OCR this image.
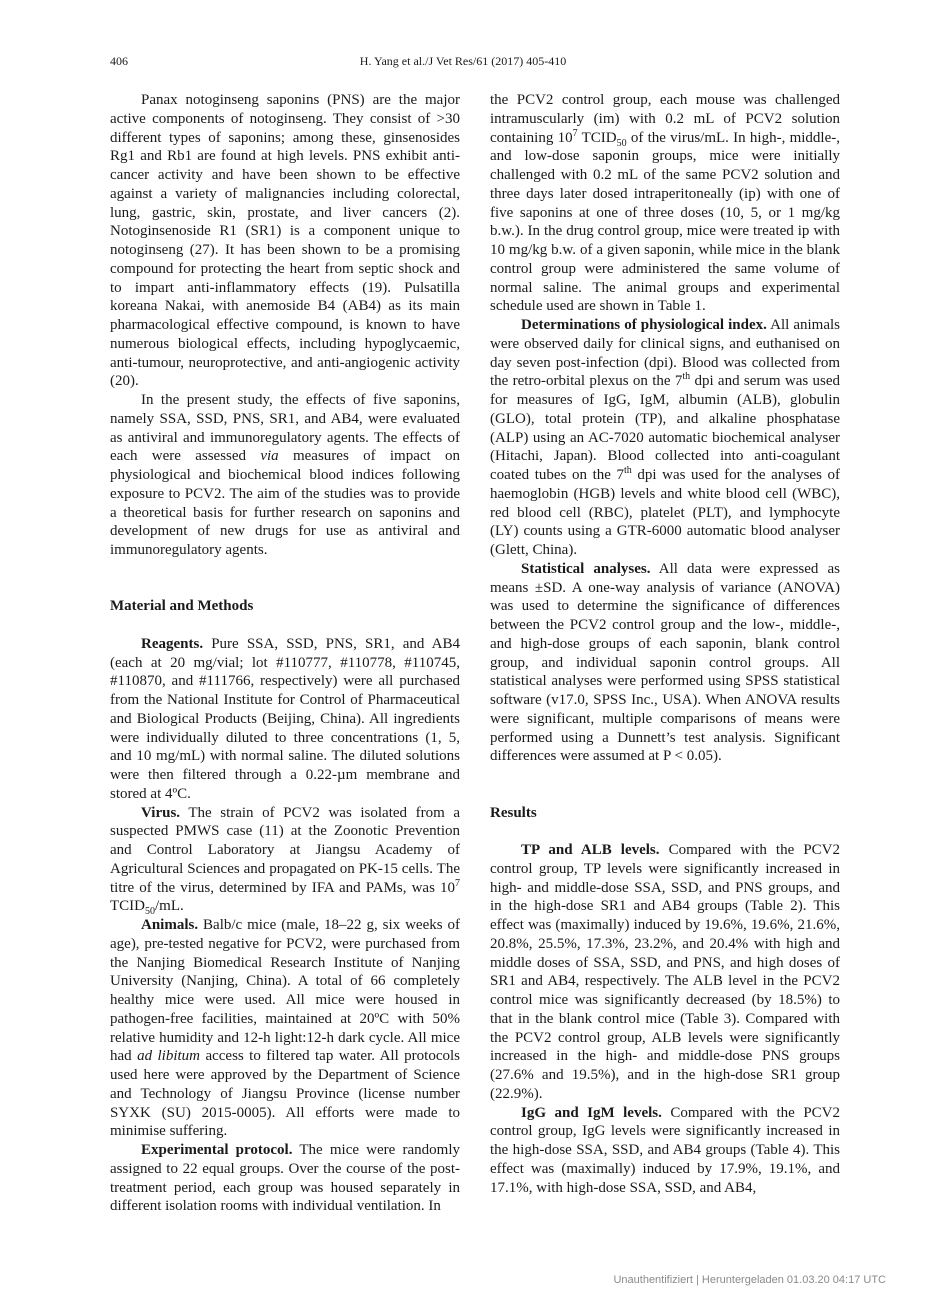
406	H. Yang et al./J Vet Res/61 (2017) 405-410

Panax notoginseng saponins (PNS) are the major active components of notoginseng. They consist of >30 different types of saponins; among these, ginsenosides Rg1 and Rb1 are found at high levels. PNS exhibit anti-cancer activity and have been shown to be effective against a variety of malignancies including colorectal, lung, gastric, skin, prostate, and liver cancers (2). Notoginsenoside R1 (SR1) is a component unique to notoginseng (27). It has been shown to be a promising compound for protecting the heart from septic shock and to impart anti-inflammatory effects (19). Pulsatilla koreana Nakai, with anemoside B4 (AB4) as its main pharmacological effective compound, is known to have numerous biological effects, including hypoglycaemic, anti-tumour, neuroprotective, and anti-angiogenic activity (20).

In the present study, the effects of five saponins, namely SSA, SSD, PNS, SR1, and AB4, were evaluated as antiviral and immunoregulatory agents. The effects of each were assessed via measures of impact on physiological and biochemical blood indices following exposure to PCV2. The aim of the studies was to provide a theoretical basis for further research on saponins and development of new drugs for use as antiviral and immunoregulatory agents.

Material and Methods

Reagents. Pure SSA, SSD, PNS, SR1, and AB4 (each at 20 mg/vial; lot #110777, #110778, #110745, #110870, and #111766, respectively) were all purchased from the National Institute for Control of Pharmaceutical and Biological Products (Beijing, China). All ingredients were individually diluted to three concentrations (1, 5, and 10 mg/mL) with normal saline. The diluted solutions were then filtered through a 0.22-µm membrane and stored at 4ºC.

Virus. The strain of PCV2 was isolated from a suspected PMWS case (11) at the Zoonotic Prevention and Control Laboratory at Jiangsu Academy of Agricultural Sciences and propagated on PK-15 cells. The titre of the virus, determined by IFA and PAMs, was $10^7$ $TCID_{50}/mL$.

Animals. Balb/c mice (male, 18–22 g, six weeks of age), pre-tested negative for PCV2, were purchased from the Nanjing Biomedical Research Institute of Nanjing University (Nanjing, China). A total of 66 completely healthy mice were used. All mice were housed in pathogen-free facilities, maintained at 20ºC with 50% relative humidity and 12-h light:12-h dark cycle. All mice had ad libitum access to filtered tap water. All protocols used here were approved by the Department of Science and Technology of Jiangsu Province (license number SYXK (SU) 2015-0005). All efforts were made to minimise suffering.

Experimental protocol. The mice were randomly assigned to 22 equal groups. Over the course of the post-treatment period, each group was housed separately in different isolation rooms with individual ventilation. In

the PCV2 control group, each mouse was challenged intramuscularly (im) with 0.2 mL of PCV2 solution containing $10^7$ $TCID_{50}$ of the virus/mL. In high-, middle-, and low-dose saponin groups, mice were initially challenged with 0.2 mL of the same PCV2 solution and three days later dosed intraperitoneally (ip) with one of five saponins at one of three doses (10, 5, or 1 mg/kg b.w.). In the drug control group, mice were treated ip with 10 mg/kg b.w. of a given saponin, while mice in the blank control group were administered the same volume of normal saline. The animal groups and experimental schedule used are shown in Table 1.

Determinations of physiological index. All animals were observed daily for clinical signs, and euthanised on day seven post-infection (dpi). Blood was collected from the retro-orbital plexus on the 7th dpi and serum was used for measures of IgG, IgM, albumin (ALB), globulin (GLO), total protein (TP), and alkaline phosphatase (ALP) using an AC-7020 automatic biochemical analyser (Hitachi, Japan). Blood collected into anti-coagulant coated tubes on the 7th dpi was used for the analyses of haemoglobin (HGB) levels and white blood cell (WBC), red blood cell (RBC), platelet (PLT), and lymphocyte (LY) counts using a GTR-6000 automatic blood analyser (Glett, China).

Statistical analyses. All data were expressed as means ±SD. A one-way analysis of variance (ANOVA) was used to determine the significance of differences between the PCV2 control group and the low-, middle-, and high-dose groups of each saponin, blank control group, and individual saponin control groups. All statistical analyses were performed using SPSS statistical software (v17.0, SPSS Inc., USA). When ANOVA results were significant, multiple comparisons of means were performed using a Dunnett’s test analysis. Significant differences were assumed at P < 0.05).

Results

TP and ALB levels. Compared with the PCV2 control group, TP levels were significantly increased in high- and middle-dose SSA, SSD, and PNS groups, and in the high-dose SR1 and AB4 groups (Table 2). This effect was (maximally) induced by 19.6%, 19.6%, 21.6%, 20.8%, 25.5%, 17.3%, 23.2%, and 20.4% with high and middle doses of SSA, SSD, and PNS, and high doses of SR1 and AB4, respectively. The ALB level in the PCV2 control mice was significantly decreased (by 18.5%) to that in the blank control mice (Table 3). Compared with the PCV2 control group, ALB levels were significantly increased in the high- and middle-dose PNS groups (27.6% and 19.5%), and in the high-dose SR1 group (22.9%).

IgG and IgM levels. Compared with the PCV2 control group, IgG levels were significantly increased in the high-dose SSA, SSD, and AB4 groups (Table 4). This effect was (maximally) induced by 17.9%, 19.1%, and 17.1%, with high-dose SSA, SSD, and AB4,

Unauthentifiziert | Heruntergeladen 01.03.20 04:17 UTC
